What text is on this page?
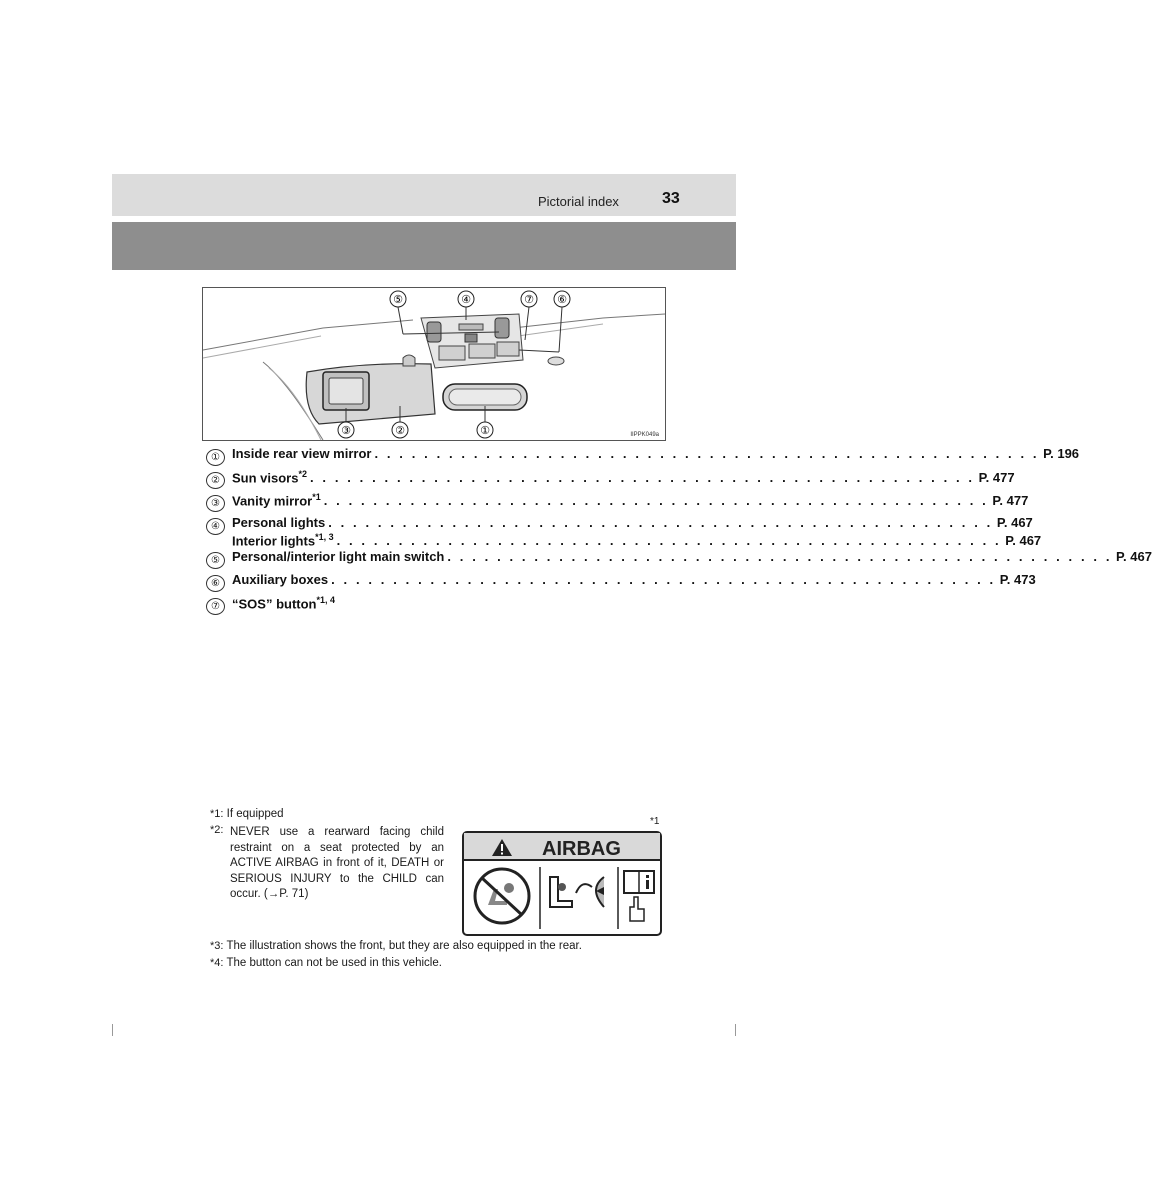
Pictorial index	33
⑤	④	⑦ ⑥
③	②	①	IIPPK049a
① Inside rear view mirror . . . . . . . . . . . . . . . . . . . . . . . . . . . . . . . . . . . . . . . . . . . . . . . . . . . . . . P. 196
② Sun visors$^{*2}$ . . . . . . . . . . . . . . . . . . . . . . . . . . . . . . . . . . . . . . . . . . . . . . . . . . . . . . P. 477
③ Vanity mirror$^{*1}$ . . . . . . . . . . . . . . . . . . . . . . . . . . . . . . . . . . . . . . . . . . . . . . . . . . . . . . P. 477
④ Personal lights . . . . . . . . . . . . . . . . . . . . . . . . . . . . . . . . . . . . . . . . . . . . . . . . . . . . . . P. 467
Interior lights$^{*1, 3}$ . . . . . . . . . . . . . . . . . . . . . . . . . . . . . . . . . . . . . . . . . . . . . . . . . . . . . . P. 467
⑤ Personal/interior light main switch . . . . . . . . . . . . . . . . . . . . . . . . . . . . . . . . . . . . . . . . . . . . . . . . . . . . . . P. 467
⑥ Auxiliary boxes . . . . . . . . . . . . . . . . . . . . . . . . . . . . . . . . . . . . . . . . . . . . . . . . . . . . . . P. 473
⑦ “SOS” button$^{*1, 4}$
*1: If equipped
*2: NEVER use a rearward facing child restraint on a seat protected by an ACTIVE AIRBAG in front of it, DEATH or SERIOUS INJURY to the CHILD can occur. (→P. 71)
*3: The illustration shows the front, but they are also equipped in the rear.
*4: The button can not be used in this vehicle.
*1
AIRBAG
